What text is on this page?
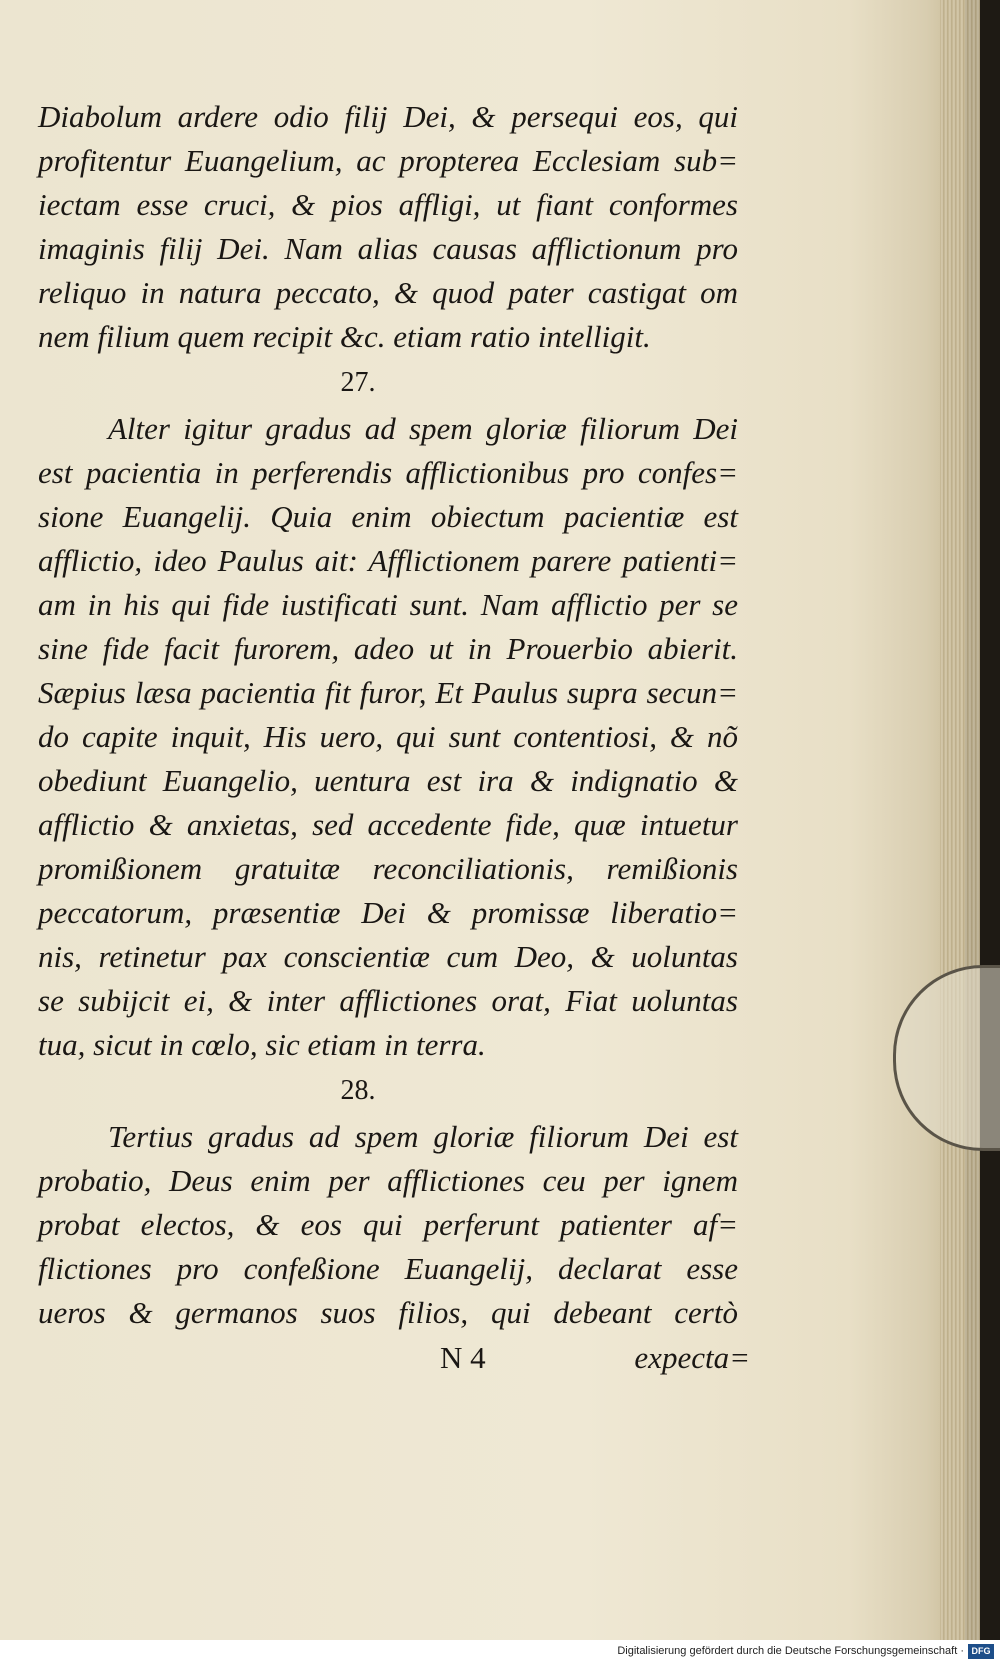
Diabolum ardere odio filij Dei, & persequi eos, qui
profitentur Euangelium, ac propterea Ecclesiam sub=
iectam esse cruci, & pios affligi, ut fiant conformes
imaginis filij Dei. Nam alias causas afflictionum pro
reliquo in natura peccato, & quod pater castigat om
nem filium quem recipit &c. etiam ratio intelligit.
27.
Alter igitur gradus ad spem gloriæ filiorum Dei
est pacientia in perferendis afflictionibus pro confes=
sione Euangelij. Quia enim obiectum pacientiæ est
afflictio, ideo Paulus ait: Afflictionem parere patienti=
am in his qui fide iustificati sunt. Nam afflictio per se
sine fide facit furorem, adeo ut in Prouerbio abierit.
Sæpius læsa pacientia fit furor, Et Paulus supra secun=
do capite inquit, His uero, qui sunt contentiosi, & nõ
obediunt Euangelio, uentura est ira & indignatio &
afflictio & anxietas, sed accedente fide, quæ intuetur
promißionem gratuitæ reconciliationis, remißionis
peccatorum, præsentiæ Dei & promissæ liberatio=
nis, retinetur pax conscientiæ cum Deo, & uoluntas
se subijcit ei, & inter afflictiones orat, Fiat uoluntas
tua, sicut in cœlo, sic etiam in terra.
28.
Tertius gradus ad spem gloriæ filiorum Dei est
probatio, Deus enim per afflictiones ceu per ignem
probat electos, & eos qui perferunt patienter af=
flictiones pro confeßione Euangelij, declarat esse
ueros & germanos suos filios, qui debeant certò
N 4	expecta=
Digitalisierung gefördert durch die Deutsche Forschungsgemeinschaft · DFG
